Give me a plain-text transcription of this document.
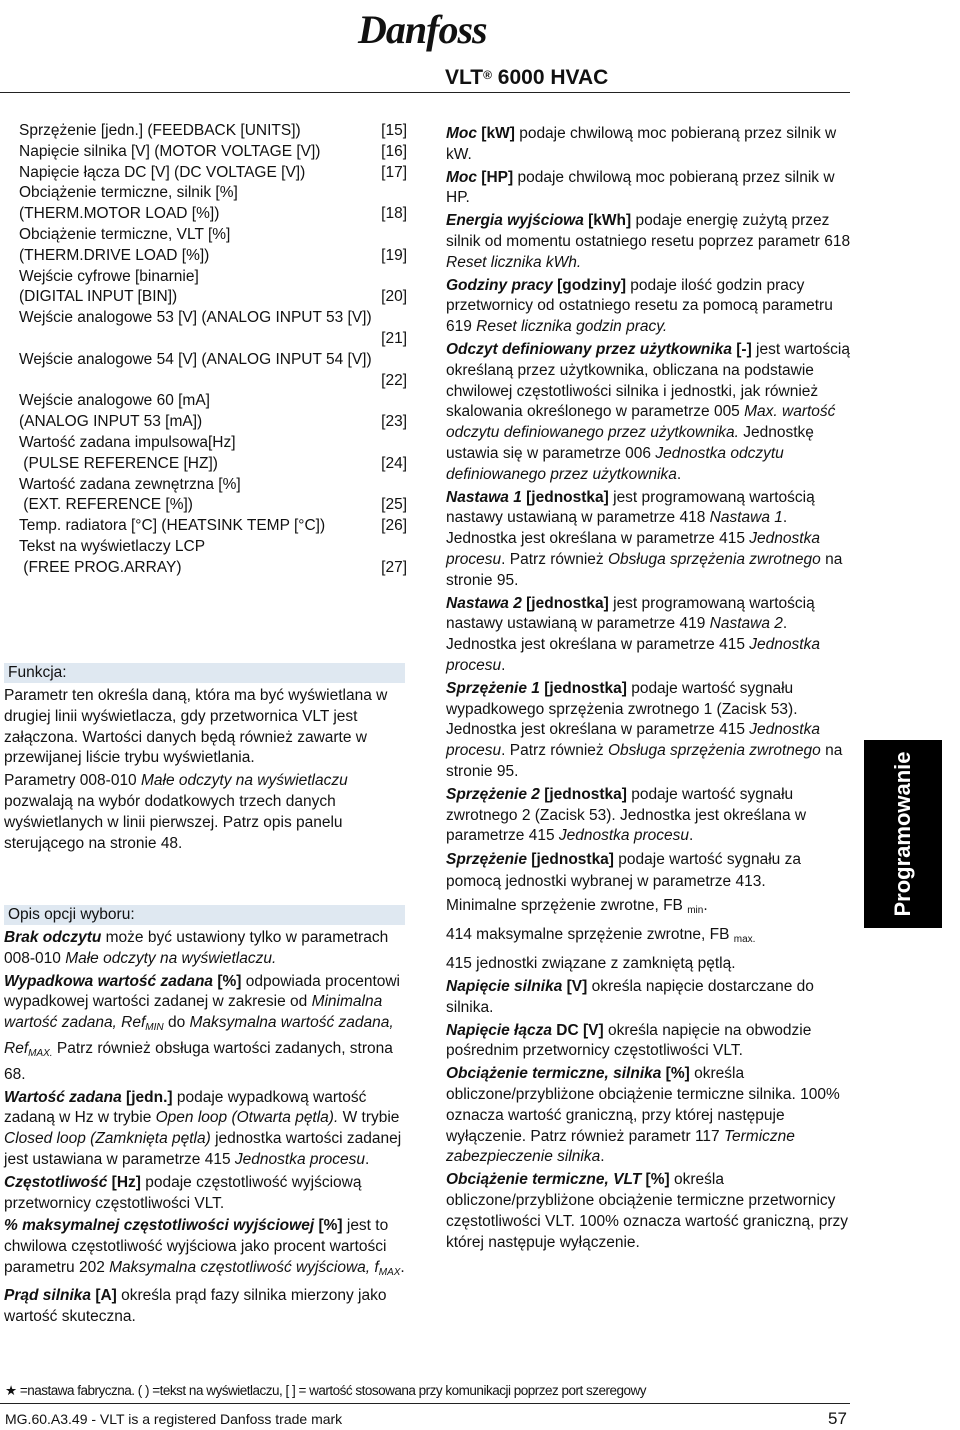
Danfoss
VLT® 6000 HVAC
Sprzężenie [jedn.] (FEEDBACK [UNITS])	[15]
Napięcie silnika [V] (MOTOR VOLTAGE [V])	[16]
Napięcie łącza DC [V] (DC VOLTAGE [V])	[17]
Obciążenie termiczne, silnik [%]
(THERM.MOTOR LOAD [%])	[18]
Obciążenie termiczne, VLT [%]
(THERM.DRIVE LOAD [%])	[19]
Wejście cyfrowe [binarnie]
(DIGITAL INPUT [BIN])	[20]
Wejście analogowe 53 [V] (ANALOG INPUT 53 [V])
[21]
Wejście analogowe 54 [V] (ANALOG INPUT 54 [V])
[22]
Wejście analogowe 60 [mA]
(ANALOG INPUT 53 [mA])	[23]
Wartość zadana impulsowa[Hz]
(PULSE REFERENCE [HZ])	[24]
Wartość zadana zewnętrzna [%]
(EXT. REFERENCE [%])	[25]
Temp. radiatora [°C] (HEATSINK TEMP [°C])	[26]
Tekst na wyświetlaczy LCP
(FREE PROG.ARRAY)	[27]
Funkcja:

Parametr ten określa daną, która ma być wyświetlana w drugiej linii wyświetlacza, gdy przetwornica VLT jest załączona. Wartości danych będą również zawarte w przewijanej liście trybu wyświetlania.

Parametry 008-010 Małe odczyty na wyświetlaczu pozwalają na wybór dodatkowych trzech danych wyświetlanych w linii pierwszej. Patrz opis panelu sterującego na stronie 48.

Opis opcji wyboru:

Brak odczytu może być ustawiony tylko w parametrach 008-010 Małe odczyty na wyświetlaczu.

Wypadkowa wartość zadana [%] odpowiada procentowi wypadkowej wartości zadanej w zakresie od Minimalna wartość zadana, Ref$_{MIN}$ do Maksymalna wartość zadana, Ref$_{MAX.}$ Patrz również obsługa wartości zadanych, strona 68.

Wartość zadana [jedn.] podaje wypadkową wartość zadaną w Hz w trybie Open loop (Otwarta pętla). W trybie Closed loop (Zamknięta pętla) jednostka wartości zadanej jest ustawiana w parametrze 415 Jednostka procesu.

Częstotliwość [Hz] podaje częstotliwość wyjściową przetwornicy częstotliwości VLT.

% maksymalnej częstotliwości wyjściowej [%] jest to chwilowa częstotliwość wyjściowa jako procent wartości parametru 202 Maksymalna częstotliwość wyjściowa, $f_{MAX}$.

Prąd silnika [A] określa prąd fazy silnika mierzony jako wartość skuteczna.

Moc [kW] podaje chwilową moc pobieraną przez silnik w kW.

Moc [HP] podaje chwilową moc pobieraną przez silnik w HP.

Energia wyjściowa [kWh] podaje energię zużytą przez silnik od momentu ostatniego resetu poprzez parametr 618 Reset licznika kWh.

Godziny pracy [godziny] podaje ilość godzin pracy przetwornicy od ostatniego resetu za pomocą parametru 619 Reset licznika godzin pracy.

Odczyt definiowany przez użytkownika [-] jest wartością określaną przez użytkownika, obliczana na podstawie chwilowej częstotliwości silnika i jednostki, jak również skalowania określonego w parametrze 005 Max. wartość odczytu definiowanego przez użytkownika. Jednostkę ustawia się w parametrze 006 Jednostka odczytu definiowanego przez użytkownika.

Nastawa 1 [jednostka] jest programowaną wartością nastawy ustawianą w parametrze 418 Nastawa 1. Jednostka jest określana w parametrze 415 Jednostka procesu. Patrz również Obsługa sprzężenia zwrotnego na stronie 95.

Nastawa 2 [jednostka] jest programowaną wartością nastawy ustawianą w parametrze 419 Nastawa 2. Jednostka jest określana w parametrze 415 Jednostka procesu.

Sprzężenie 1 [jednostka] podaje wartość sygnału wypadkowego sprzężenia zwrotnego 1 (Zacisk 53). Jednostka jest określana w parametrze 415 Jednostka procesu. Patrz również Obsługa sprzężenia zwrotnego na stronie 95.

Sprzężenie 2 [jednostka] podaje wartość sygnału zwrotnego 2 (Zacisk 53). Jednostka jest określana w parametrze 415 Jednostka procesu.

Sprzężenie [jednostka] podaje wartość sygnału za pomocą jednostki wybranej w parametrze 413.

Minimalne sprzężenie zwrotne, FB $_{min}$.

414 maksymalne sprzężenie zwrotne, FB $_{max.}$

415 jednostki związane z zamkniętą pętlą.

Napięcie silnika [V] określa napięcie dostarczane do silnika.

Napięcie łącza DC [V] określa napięcie na obwodzie pośrednim przetwornicy częstotliwości VLT.

Obciążenie termiczne, silnika [%] określa obliczone/przybliżone obciążenie termiczne silnika. 100% oznacza wartość graniczną, przy której następuje wyłączenie. Patrz również parametr 117 Termiczne zabezpieczenie silnika.

Obciążenie termiczne, VLT [%] określa obliczone/przybliżone obciążenie termiczne przetwornicy częstotliwości VLT. 100% oznacza wartość graniczną, przy której następuje wyłączenie.

Programowanie
★ =nastawa fabryczna. ( ) =tekst na wyświetlaczu, [ ] = wartość stosowana przy komunikacji poprzez port szeregowy
MG.60.A3.49 - VLT is a registered Danfoss trade mark	57
